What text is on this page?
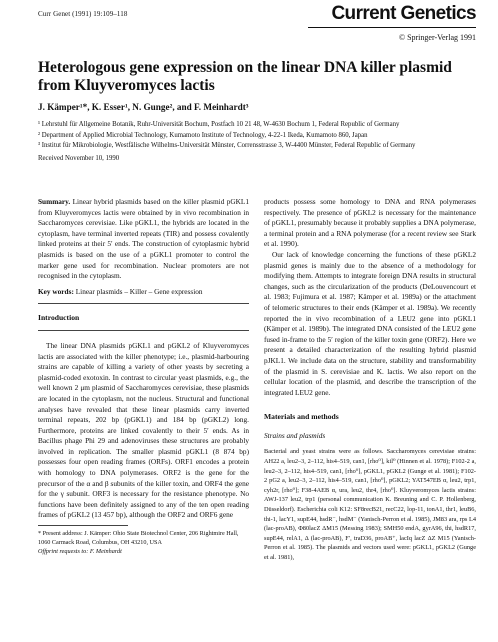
Curr Genet (1991) 19:109–118	Current Genetics
© Springer-Verlag 1991
Heterologous gene expression on the linear DNA killer plasmid
from Kluyveromyces lactis
J. Kämper¹*, K. Esser¹, N. Gunge², and F. Meinhardt³
¹ Lehrstuhl für Allgemeine Botanik, Ruhr-Universität Bochum, Postfach 10 21 48, W-4630 Bochum 1, Federal Republic of Germany
² Department of Applied Microbial Technology, Kumamoto Institute of Technology, 4-22-1 Ikeda, Kumamoto 860, Japan
³ Institut für Mikrobiologie, Westfälische Wilhelms-Universität Münster, Corrensstrasse 3, W-4400 Münster, Federal Republic of Germany
Received November 10, 1990

Summary. Linear hybrid plasmids based on the killer plasmid pGKL1 from Kluyveromyces lactis were obtained by in vivo recombination in Saccharomyces cerevisiae. Like pGKL1, the hybrids are located in the cytoplasm, have terminal inverted repeats (TIR) and possess covalently linked proteins at their 5′ ends. The construction of cytoplasmic hybrid plasmids is based on the use of a pGKL1 promoter to control the marker gene used for recombination. Nuclear promoters are not recognised in the cytoplasm.

Key words: Linear plasmids – Killer – Gene expression

Introduction

The linear DNA plasmids pGKL1 and pGKL2 of Kluyveromyces lactis are associated with the killer phenotype; i.e., plasmid-harbouring strains are capable of killing a variety of other yeasts by secreting a plasmid-coded exotoxin. In contrast to circular yeast plasmids, e.g., the well known 2 μm plasmid of Saccharomyces cerevisiae, these plasmids are located in the cytoplasm, not the nucleus. Structural and functional analyses have revealed that these linear plasmids carry inverted terminal repeats, 202 bp (pGKL1) and 184 bp (pGKL2) long. Furthermore, proteins are linked covalently to their 5′ ends. As in Bacillus phage Phi 29 and adenoviruses these structures are probably involved in replication. The smaller plasmid pGKL1 (8 874 bp) possesses four open reading frames (ORFs). ORF1 encodes a protein with homology to DNA polymerases. ORF2 is the gene for the precursor of the α and β subunits of the killer toxin, and ORF4 the gene for the γ subunit. ORF3 is necessary for the resistance phenotype. No functions have been definitely assigned to any of the ten open reading frames of pGKL2 (13 457 bp), although the ORF2 and ORF6 gene

* Present address: J. Kämper: Ohio State Biotechnol Center, 206 Rightmire Hall, 1060 Carmack Road, Columbus, OH 43210, USA
Offprint requests to: F. Meinhardt

products possess some homology to DNA and RNA polymerases respectively. The presence of pGKL2 is necessary for the maintenance of pGKL1, presumably because it probably supplies a DNA polymerase, a terminal protein and a RNA polymerase (for a recent review see Stark et al. 1990).

Our lack of knowledge concerning the functions of these pGKL2 plasmid genes is mainly due to the absence of a methodology for modifying them. Attempts to integrate foreign DNA results in structural changes, such as the circularization of the products (DeLouvencourt et al. 1983; Fujimura et al. 1987; Kämper et al. 1989a) or the attachment of telomeric structures to their ends (Kämper et al. 1989a). We recently reported the in vivo recombination of a LEU2 gene into pGKL1 (Kämper et al. 1989b). The integrated DNA consisted of the LEU2 gene fused in-frame to the 5′ region of the killer toxin gene (ORF2). Here we present a detailed characterization of the resulting hybrid plasmid pJKL1. We include data on the structure, stability and transformability of the plasmid in S. cerevisiae and K. lactis. We also report on the cellular location of the plasmid, and describe the transcription of the integrated LEU2 gene.

Materials and methods

Strains and plasmids

Bacterial and yeast strains were as follows. Saccharomyces cerevisiae strains: AH22 a, leu2–3, 2–112, his4–519, can1, [rho⁰], kil⁰ (Hinnen et al. 1978); F102-2 a, leu2–3, 2–112, his4–519, can1, [rho⁰], pGKL1, pGKL2 (Gunge et al. 1981); F102-2 pG2 a, leu2–3, 2–112, his4–519, can1, [rho⁰], pGKL2; YAT547EB α, leu2, trp1, cyh2r, [rho⁰]; F38-4AEB α, ura, leu2, thr4, [rho⁰]. Kluyveromyces lactis strains: AWJ-137 leu2, trp1 (personal communication K. Breuning and C. P. Hollenberg, Düsseldorf). Escherichia coli K12: SF8recB21, recC22, lop-11, tonA1, thr1, leuB6, thi-1, lacY1, supE44, hsdR⁻, hsdM⁻ (Yanisch-Perron et al. 1985), JM83 ara, rps L4 (lac-proAB), Φ80lacZ ΔM15 (Messing 1983); SMH50 endA, gyrA96, thi, hsdR17, supE44, relA1, Δ (lac-proAB), F′, traD36, proAB⁺, lacIq lacZ ΔZ M15 (Yanisch-Perron et al. 1985). The plasmids and vectors used were: pGKL1, pGKL2 (Gunge et al. 1981),
